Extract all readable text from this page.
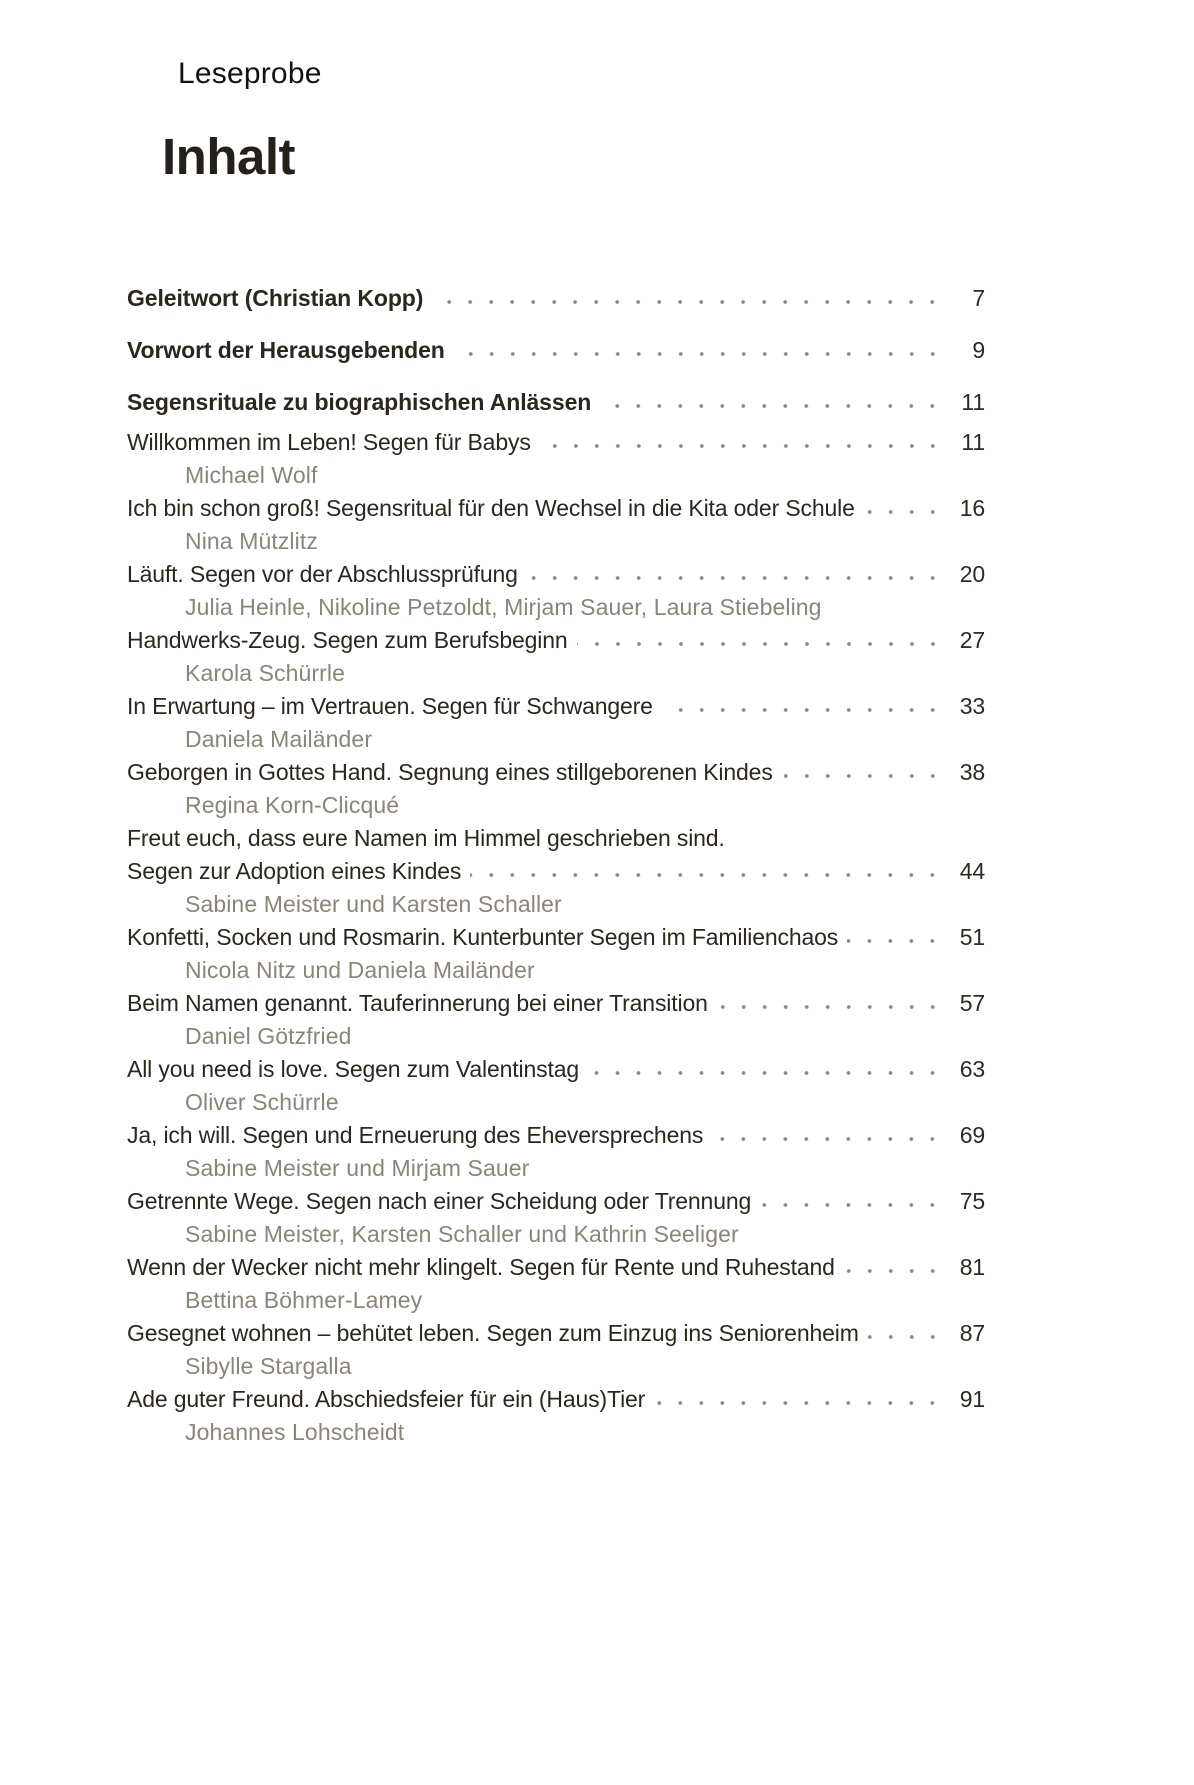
Leseprobe
Inhalt
Geleitwort (Christian Kopp)	7
Vorwort der Herausgebenden	9
Segensrituale zu biographischen Anlässen	11
Willkommen im Leben! Segen für Babys	11
Michael Wolf
Ich bin schon groß! Segensritual für den Wechsel in die Kita oder Schule	16
Nina Mützlitz
Läuft. Segen vor der Abschlussprüfung	20
Julia Heinle, Nikoline Petzoldt, Mirjam Sauer, Laura Stiebeling
Handwerks-Zeug. Segen zum Berufsbeginn	27
Karola Schürrle
In Erwartung – im Vertrauen. Segen für Schwangere	33
Daniela Mailänder
Geborgen in Gottes Hand. Segnung eines stillgeborenen Kindes	38
Regina Korn-Clicqué
Freut euch, dass eure Namen im Himmel geschrieben sind.
Segen zur Adoption eines Kindes	44
Sabine Meister und Karsten Schaller
Konfetti, Socken und Rosmarin. Kunterbunter Segen im Familienchaos	51
Nicola Nitz und Daniela Mailänder
Beim Namen genannt. Tauferinnerung bei einer Transition	57
Daniel Götzfried
All you need is love. Segen zum Valentinstag	63
Oliver Schürrle
Ja, ich will. Segen und Erneuerung des Eheversprechens	69
Sabine Meister und Mirjam Sauer
Getrennte Wege. Segen nach einer Scheidung oder Trennung	75
Sabine Meister, Karsten Schaller und Kathrin Seeliger
Wenn der Wecker nicht mehr klingelt. Segen für Rente und Ruhestand	81
Bettina Böhmer-Lamey
Gesegnet wohnen – behütet leben. Segen zum Einzug ins Seniorenheim	87
Sibylle Stargalla
Ade guter Freund. Abschiedsfeier für ein (Haus)Tier	91
Johannes Lohscheidt
